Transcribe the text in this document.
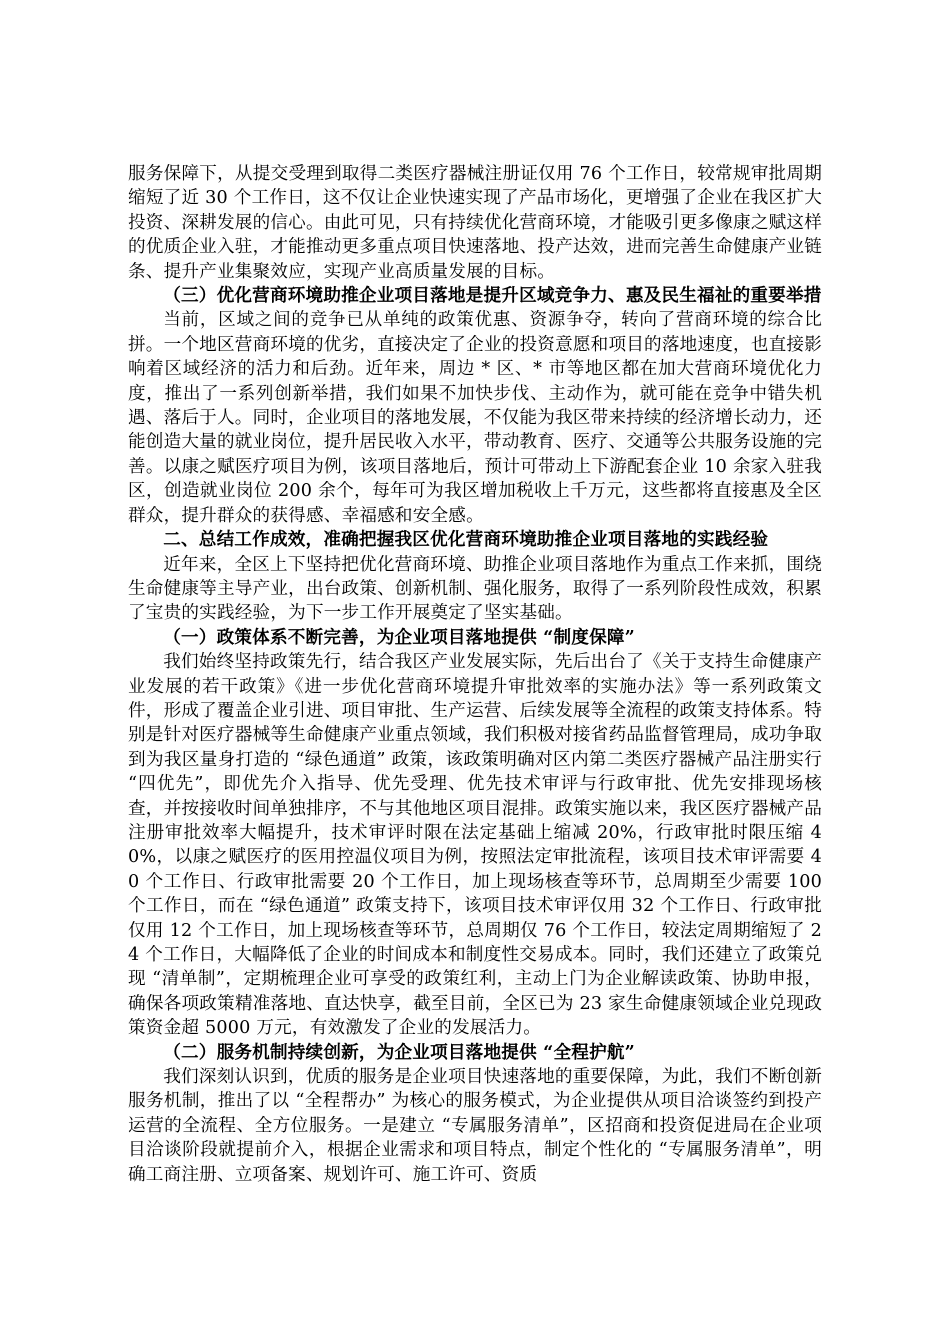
服务保障下，从提交受理到取得二类医疗器械注册证仅用 76 个工作日，较常规审批周期缩短了近 30 个工作日，这不仅让企业快速实现了产品市场化，更增强了企业在我区扩大投资、深耕发展的信心。由此可见，只有持续优化营商环境，才能吸引更多像康之赋这样的优质企业入驻，才能推动更多重点项目快速落地、投产达效，进而完善生命健康产业链条、提升产业集聚效应，实现产业高质量发展的目标。

（三）优化营商环境助推企业项目落地是提升区域竞争力、惠及民生福祉的重要举措

当前，区域之间的竞争已从单纯的政策优惠、资源争夺，转向了营商环境的综合比拼。一个地区营商环境的优劣，直接决定了企业的投资意愿和项目的落地速度，也直接影响着区域经济的活力和后劲。近年来，周边 * 区、* 市等地区都在加大营商环境优化力度，推出了一系列创新举措，我们如果不加快步伐、主动作为，就可能在竞争中错失机遇、落后于人。同时，企业项目的落地发展，不仅能为我区带来持续的经济增长动力，还能创造大量的就业岗位，提升居民收入水平，带动教育、医疗、交通等公共服务设施的完善。以康之赋医疗项目为例，该项目落地后，预计可带动上下游配套企业 10 余家入驻我区，创造就业岗位 200 余个，每年可为我区增加税收上千万元，这些都将直接惠及全区群众，提升群众的获得感、幸福感和安全感。

二、总结工作成效，准确把握我区优化营商环境助推企业项目落地的实践经验

近年来，全区上下坚持把优化营商环境、助推企业项目落地作为重点工作来抓，围绕生命健康等主导产业，出台政策、创新机制、强化服务，取得了一系列阶段性成效，积累了宝贵的实践经验，为下一步工作开展奠定了坚实基础。

（一）政策体系不断完善，为企业项目落地提供 “制度保障”

我们始终坚持政策先行，结合我区产业发展实际，先后出台了《关于支持生命健康产业发展的若干政策》《进一步优化营商环境提升审批效率的实施办法》等一系列政策文件，形成了覆盖企业引进、项目审批、生产运营、后续发展等全流程的政策支持体系。特别是针对医疗器械等生命健康产业重点领域，我们积极对接省药品监督管理局，成功争取到为我区量身打造的 “绿色通道” 政策，该政策明确对区内第二类医疗器械产品注册实行 “四优先”，即优先介入指导、优先受理、优先技术审评与行政审批、优先安排现场核查，并按接收时间单独排序，不与其他地区项目混排。政策实施以来，我区医疗器械产品注册审批效率大幅提升，技术审评时限在法定基础上缩减 20%，行政审批时限压缩 40%，以康之赋医疗的医用控温仪项目为例，按照法定审批流程，该项目技术审评需要 40 个工作日、行政审批需要 20 个工作日，加上现场核查等环节，总周期至少需要 100 个工作日，而在 “绿色通道” 政策支持下，该项目技术审评仅用 32 个工作日、行政审批仅用 12 个工作日，加上现场核查等环节，总周期仅 76 个工作日，较法定周期缩短了 24 个工作日，大幅降低了企业的时间成本和制度性交易成本。同时，我们还建立了政策兑现 “清单制”，定期梳理企业可享受的政策红利，主动上门为企业解读政策、协助申报，确保各项政策精准落地、直达快享，截至目前，全区已为 23 家生命健康领域企业兑现政策资金超 5000 万元，有效激发了企业的发展活力。

（二）服务机制持续创新，为企业项目落地提供 “全程护航”

我们深刻认识到，优质的服务是企业项目快速落地的重要保障，为此，我们不断创新服务机制，推出了以 “全程帮办” 为核心的服务模式，为企业提供从项目洽谈签约到投产运营的全流程、全方位服务。一是建立 “专属服务清单”，区招商和投资促进局在企业项目洽谈阶段就提前介入，根据企业需求和项目特点，制定个性化的 “专属服务清单”，明确工商注册、立项备案、规划许可、施工许可、资质
